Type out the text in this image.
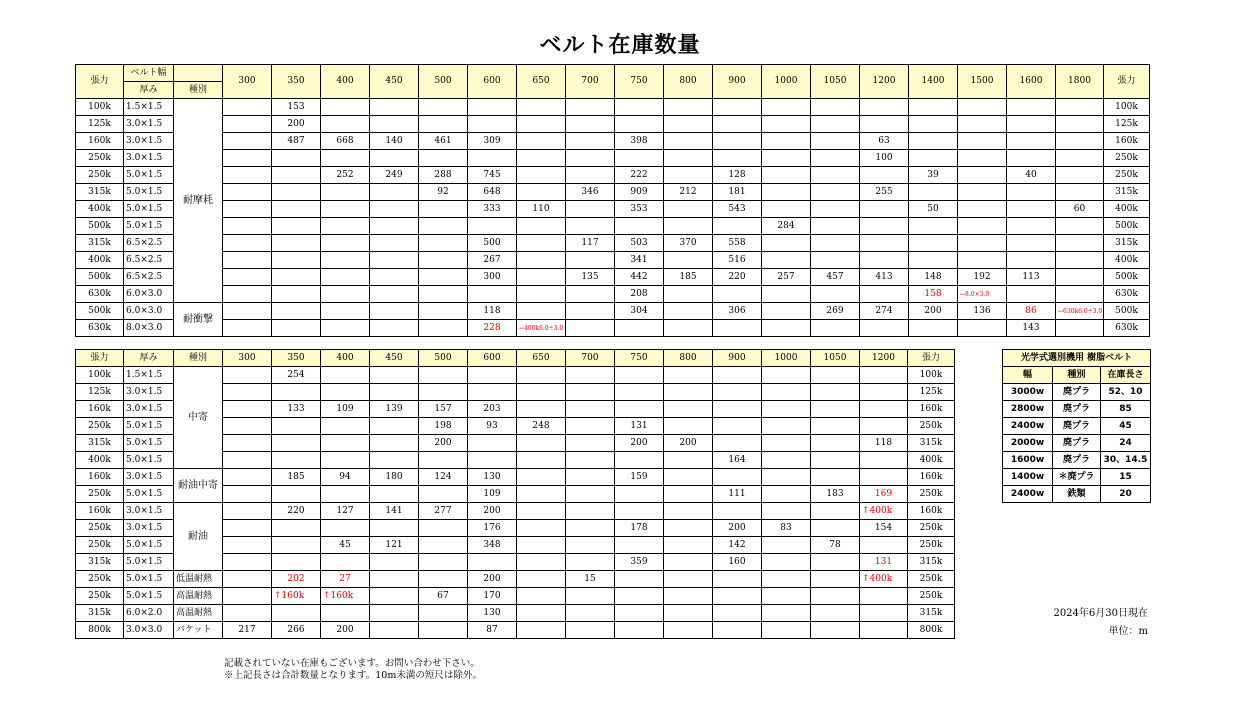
ベルト在庫数量
張力	ベルト幅		300	350	400	450	500	600	650	700	750	800	900	1000	1050	1200	1400	1500	1600	1800	張力
	厚み	種別																			
100k	1.5×1.5	耐摩耗		153																	100k
125k	3.0×1.5			200																	125k
160k	3.0×1.5			487	668	140	461	309			398					63					160k
250k	3.0×1.5															100					250k
250k	5.0×1.5				252	249	288	745			222		128				39		40		250k
315k	5.0×1.5						92	648		346	909	212	181			255					315k
400k	5.0×1.5							333	110		353		543				50			60	400k
500k	5.0×1.5													284							500k
315k	6.5×2.5							500		117	503	370	558								315k
400k	6.5×2.5							267			341		516								400k
500k	6.5×2.5							300		135	442	185	220	257	457	413	148	192	113		500k
630k	6.0×3.0										208						158	←8.0×3.0			630k
500k	6.0×3.0	耐衝撃						118			304		306		269	274	200	136	86	←630k6.0÷3.0	500k
630k	8.0×3.0							228	←400k6.0÷3.0										143		630k
張力	厚み	種別	300	350	400	450	500	600	650	700	750	800	900	1000	1050	1200	張力
100k	1.5×1.5	中寄		254													100k
125k	3.0×1.5																125k
160k	3.0×1.5			133	109	139	157	203									160k
250k	5.0×1.5						198	93	248		131						250k
315k	5.0×1.5						200				200	200				118	315k
400k	5.0×1.5												164				400k
160k	3.0×1.5	耐油中寄		185	94	180	124	130			159						160k
250k	5.0×1.5							109					111		183	169	250k
160k	3.0×1.5	耐油		220	127	141	277	200								↑400k	160k
250k	3.0×1.5							176			178		200	83		154	250k
250k	5.0×1.5				45	121		348					142		78		250k
315k	5.0×1.5										359		160			131	315k
250k	5.0×1.5	低温耐熱		202	27			200		15						↑400k	250k
250k	5.0×1.5	高温耐熱		↑160k	↑160k		67	170									250k
315k	6.0×2.0	高温耐熱						130									315k
800k	3.0×3.0	バケット	217	266	200			87									800k
光学式選別機用 樹脂ベルト		
幅	種別	在庫長さ
3000w	廃プラ	52、10
2800w	廃プラ	85
2400w	廃プラ	45
2000w	廃プラ	24
1600w	廃プラ	30、14.5
1400w	＊廃プラ	15
2400w	鉄類	20
2024年6月30日現在
単位：m
記載されていない在庫もございます。お問い合わせ下さい。
※上記長さは合計数量となります。10m未満の短尺は除外。
